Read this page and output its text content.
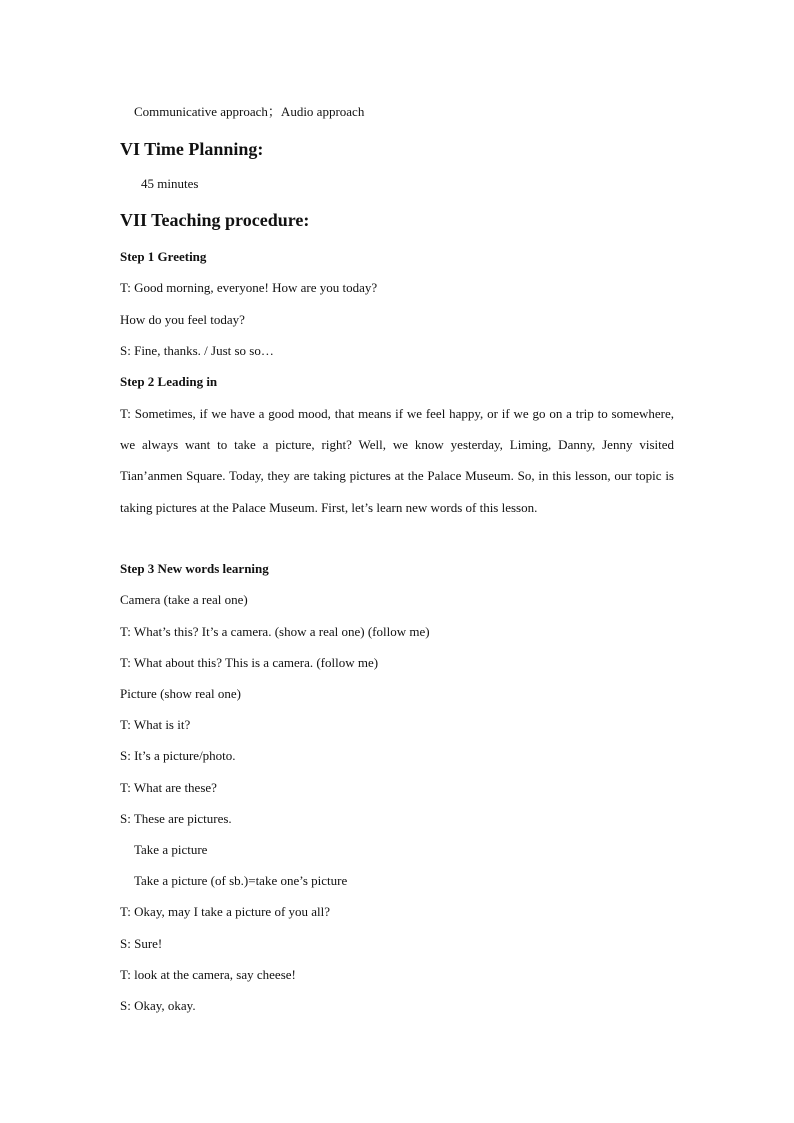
Communicative approach；Audio approach
VI Time Planning:
45 minutes
VII Teaching procedure:
Step 1 Greeting
T: Good morning, everyone! How are you today?
How do you feel today?
S: Fine, thanks. / Just so so…
Step 2 Leading in
T: Sometimes, if we have a good mood, that means if we feel happy, or if we go on a trip to somewhere, we always want to take a picture, right? Well, we know yesterday, Liming, Danny, Jenny visited Tian’anmen Square. Today, they are taking pictures at the Palace Museum. So, in this lesson, our topic is taking pictures at the Palace Museum. First, let’s learn new words of this lesson.
Step 3 New words learning
Camera (take a real one)
T: What’s this? It’s a camera. (show a real one) (follow me)
T: What about this? This is a camera. (follow me)
Picture (show real one)
T: What is it?
S: It’s a picture/photo.
T: What are these?
S: These are pictures.
Take a picture
Take a picture (of sb.)=take one’s picture
T: Okay, may I take a picture of you all?
S: Sure!
T: look at the camera, say cheese!
S: Okay, okay.
